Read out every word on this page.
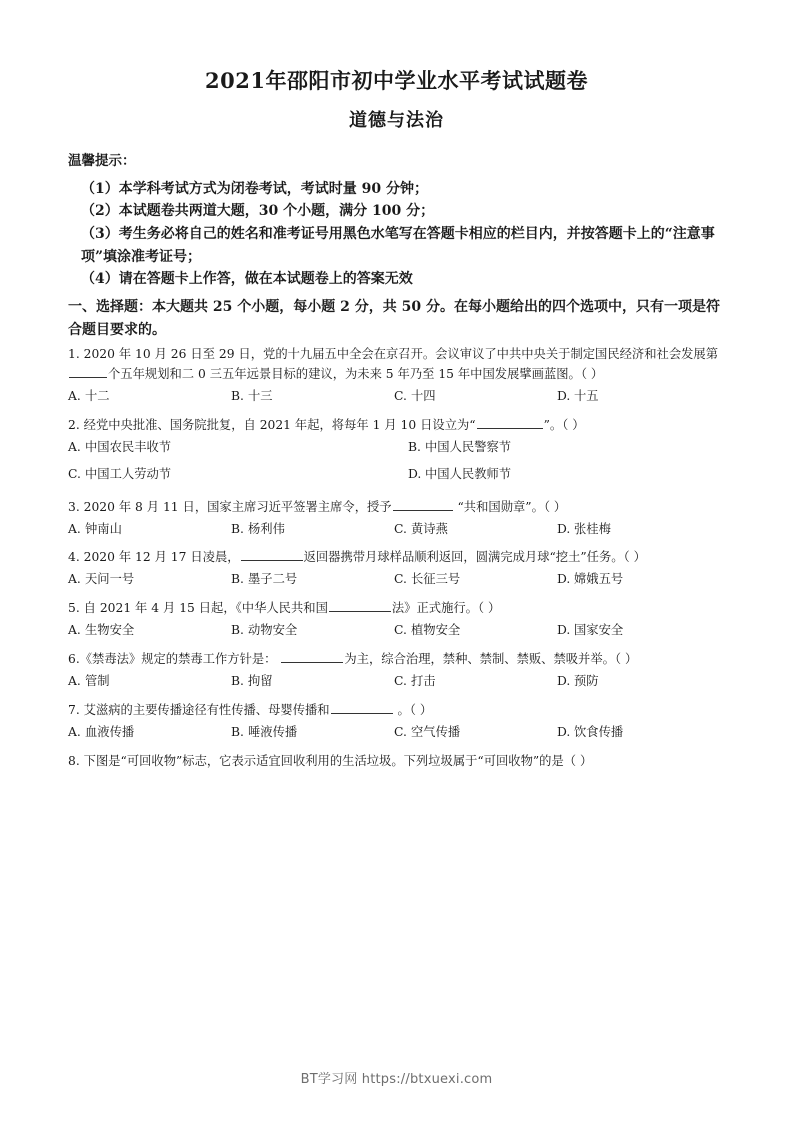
2021年邵阳市初中学业水平考试试题卷
道德与法治
温馨提示：

（1）本学科考试方式为闭卷考试，考试时量 90 分钟；

（2）本试题卷共两道大题，30 个小题，满分 100 分；

（3）考生务必将自己的姓名和准考证号用黑色水笔写在答题卡相应的栏目内，并按答题卡上的“注意事项”填涂准考证号；

（4）请在答题卡上作答，做在本试题卷上的答案无效

一、选择题：本大题共 25 个小题，每小题 2 分，共 50 分。在每小题给出的四个选项中，只有一项是符合题目要求的。

1. 2020 年 10 月 26 日至 29 日，党的十九届五中全会在京召开。会议审议了中共中央关于制定国民经济和社会发展第个五年规划和二 0 三五年远景目标的建议，为未来 5 年乃至 15 年中国发展擘画蓝图。（ ）

A. 十二	B. 十三	C. 十四	D. 十五

2. 经党中央批准、国务院批复，自 2021 年起，将每年 1 月 10 日设立为“	”。（ ）

A. 中国农民丰收节	B. 中国人民警察节
C. 中国工人劳动节	D. 中国人民教师节

3. 2020 年 8 月 11 日，国家主席习近平签署主席令，授予	“共和国勋章”。（ ）

A. 钟南山	B. 杨利伟	C. 黄诗燕	D. 张桂梅

4. 2020 年 12 月 17 日凌晨，	返回器携带月球样品顺利返回，圆满完成月球“挖土”任务。（ ）

A. 天问一号	B. 墨子二号	C. 长征三号	D. 嫦娥五号

5. 自 2021 年 4 月 15 日起，《中华人民共和国	法》正式施行。（ ）

A. 生物安全	B. 动物安全	C. 植物安全	D. 国家安全

6.《禁毒法》规定的禁毒工作方针是：	为主，综合治理，禁种、禁制、禁贩、禁吸并举。（ ）

A. 管制	B. 拘留	C. 打击	D. 预防

7. 艾滋病的主要传播途径有性传播、母婴传播和	。（ ）

A. 血液传播	B. 唾液传播	C. 空气传播	D. 饮食传播

8. 下图是“可回收物”标志，它表示适宜回收利用的生活垃圾。下列垃圾属于“可回收物”的是（ ）

BT学习网 https://btxuexi.com
